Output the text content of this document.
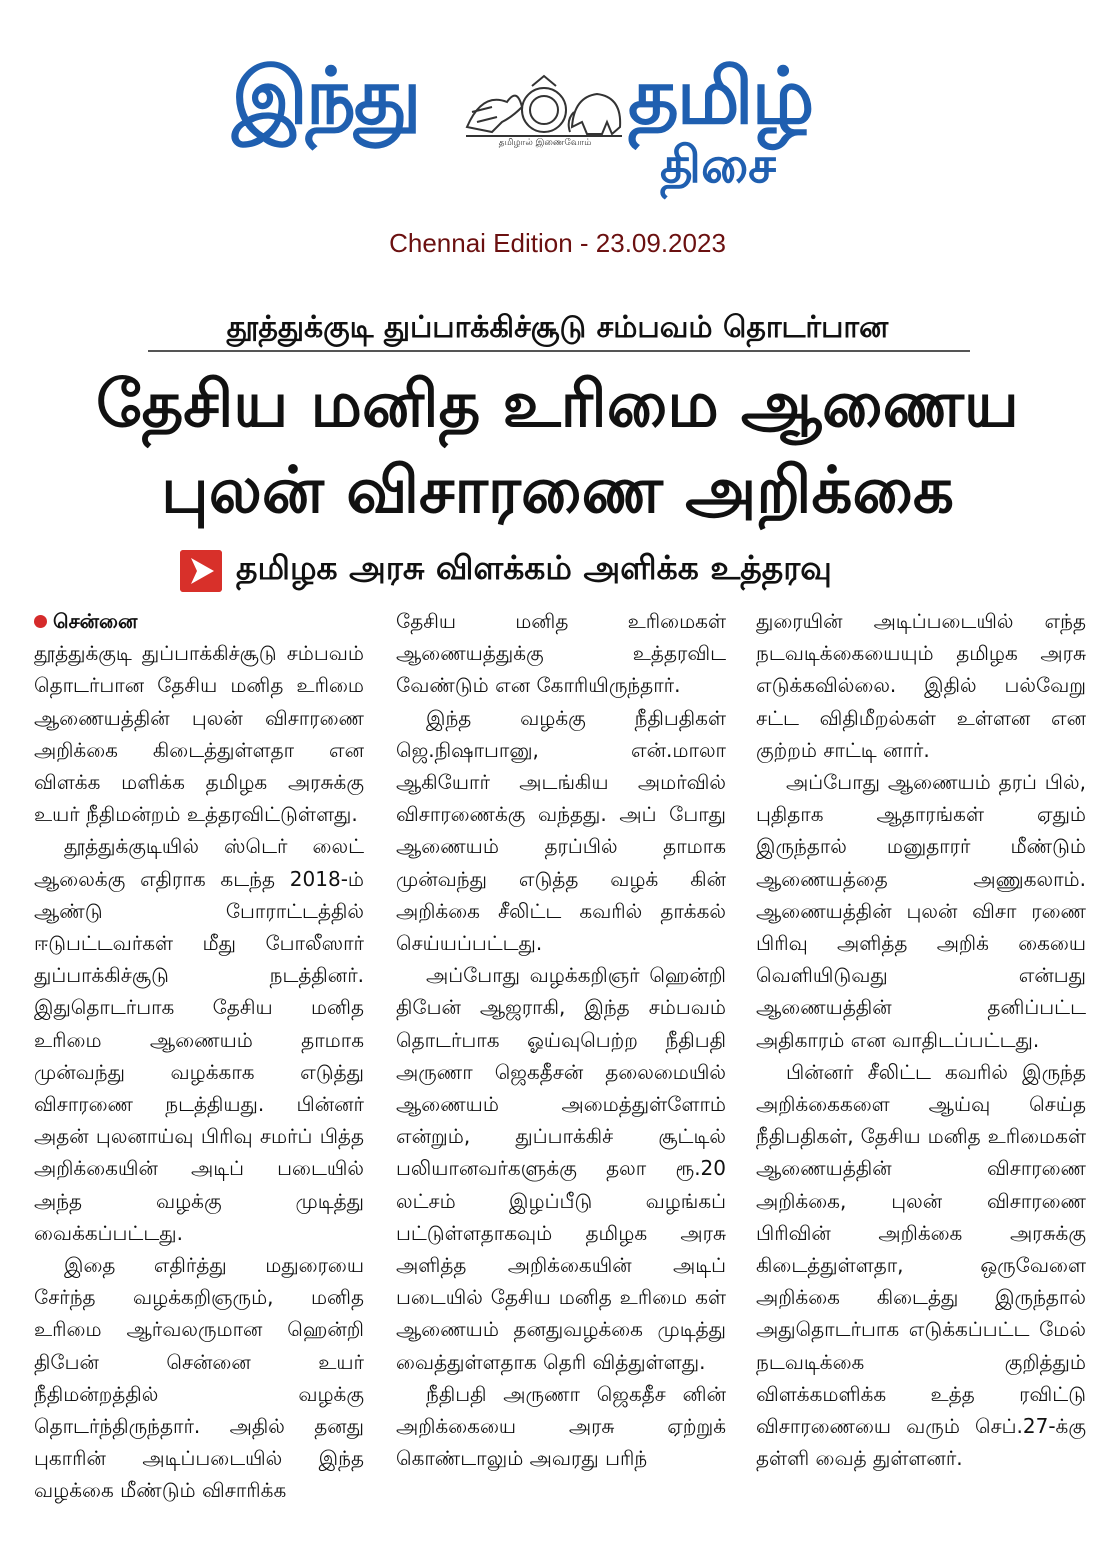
இந்து
தமிழால் இணைவோம்
தமிழ்
திசை
Chennai Edition - 23.09.2023
தூத்துக்குடி துப்பாக்கிச்சூடு சம்பவம் தொடர்பான
தேசிய மனித உரிமை ஆணைய
புலன் விசாரணை அறிக்கை
தமிழக அரசு விளக்கம் அளிக்க உத்தரவு
சென்னை

தூத்துக்குடி துப்பாக்கிச்சூடு சம்பவம் தொடர்பான தேசிய மனித உரிமை ஆணையத்தின் புலன் விசாரணை அறிக்கை கிடைத்துள்ளதா என விளக்க மளிக்க தமிழக அரசுக்கு உயர் நீதிமன்றம் உத்தரவிட்டுள்ளது.

தூத்துக்குடியில் ஸ்டெர் லைட் ஆலைக்கு எதிராக கடந்த 2018-ம் ஆண்டு போராட்டத்தில் ஈடுபட்டவர்கள் மீது போலீஸார் துப்பாக்கிச்சூடு நடத்தினர். இதுதொடர்பாக தேசிய மனித உரிமை ஆணையம் தாமாக முன்வந்து வழக்காக எடுத்து விசாரணை நடத்தியது. பின்னர் அதன் புலனாய்வு பிரிவு சமர்ப் பித்த அறிக்கையின் அடிப் படையில் அந்த வழக்கு முடித்து வைக்கப்பட்டது.

இதை எதிர்த்து மதுரையை சேர்ந்த வழக்கறிஞரும், மனித உரிமை ஆர்வலருமான ஹென்றி திபேன் சென்னை உயர் நீதிமன்றத்தில் வழக்கு தொடர்ந்திருந்தார். அதில் தனது புகாரின் அடிப்படையில் இந்த வழக்கை மீண்டும் விசாரிக்க

தேசிய மனித உரிமைகள் ஆணையத்துக்கு உத்தரவிட வேண்டும் என கோரியிருந்தார்.

இந்த வழக்கு நீதிபதிகள் ஜெ.நிஷாபானு, என்.மாலா ஆகியோர் அடங்கிய அமர்வில் விசாரணைக்கு வந்தது. அப் போது ஆணையம் தரப்பில் தாமாக முன்வந்து எடுத்த வழக் கின் அறிக்கை சீலிட்ட கவரில் தாக்கல் செய்யப்பட்டது.

அப்போது வழக்கறிஞர் ஹென்றி திபேன் ஆஜராகி, இந்த சம்பவம் தொடர்பாக ஓய்வுபெற்ற நீதிபதி அருணா ஜெகதீசன் தலைமையில் ஆணையம் அமைத்துள்ளோம் என்றும், துப்பாக்கிச் சூட்டில் பலியானவர்களுக்கு தலா ரூ.20 லட்சம் இழப்பீடு வழங்கப் பட்டுள்ளதாகவும் தமிழக அரசு அளித்த அறிக்கையின் அடிப் படையில் தேசிய மனித உரிமை கள் ஆணையம் தனதுவழக்கை முடித்து வைத்துள்ளதாக தெரி வித்துள்ளது.

நீதிபதி அருணா ஜெகதீச னின் அறிக்கையை அரசு ஏற்றுக் கொண்டாலும் அவரது பரிந்

துரையின் அடிப்படையில் எந்த நடவடிக்கையையும் தமிழக அரசு எடுக்கவில்லை. இதில் பல்வேறு சட்ட விதிமீறல்கள் உள்ளன என குற்றம் சாட்டி னார்.

அப்போது ஆணையம் தரப் பில், புதிதாக ஆதாரங்கள் ஏதும் இருந்தால் மனுதாரர் மீண்டும் ஆணையத்தை அணுகலாம். ஆணையத்தின் புலன் விசா ரணை பிரிவு அளித்த அறிக் கையை வெளியிடுவது என்பது ஆணையத்தின் தனிப்பட்ட அதிகாரம் என வாதிடப்பட்டது.

பின்னர் சீலிட்ட கவரில் இருந்த அறிக்கைகளை ஆய்வு செய்த நீதிபதிகள், தேசிய மனித உரிமைகள் ஆணையத்தின் விசாரணை அறிக்கை, புலன் விசாரணை பிரிவின் அறிக்கை அரசுக்கு கிடைத்துள்ளதா, ஒருவேளை அறிக்கை கிடைத்து இருந்தால் அதுதொடர்பாக எடுக்கப்பட்ட மேல் நடவடிக்கை குறித்தும் விளக்கமளிக்க உத்த ரவிட்டு விசாரணையை வரும் செப்.27-க்கு தள்ளி வைத் துள்ளனர்.
